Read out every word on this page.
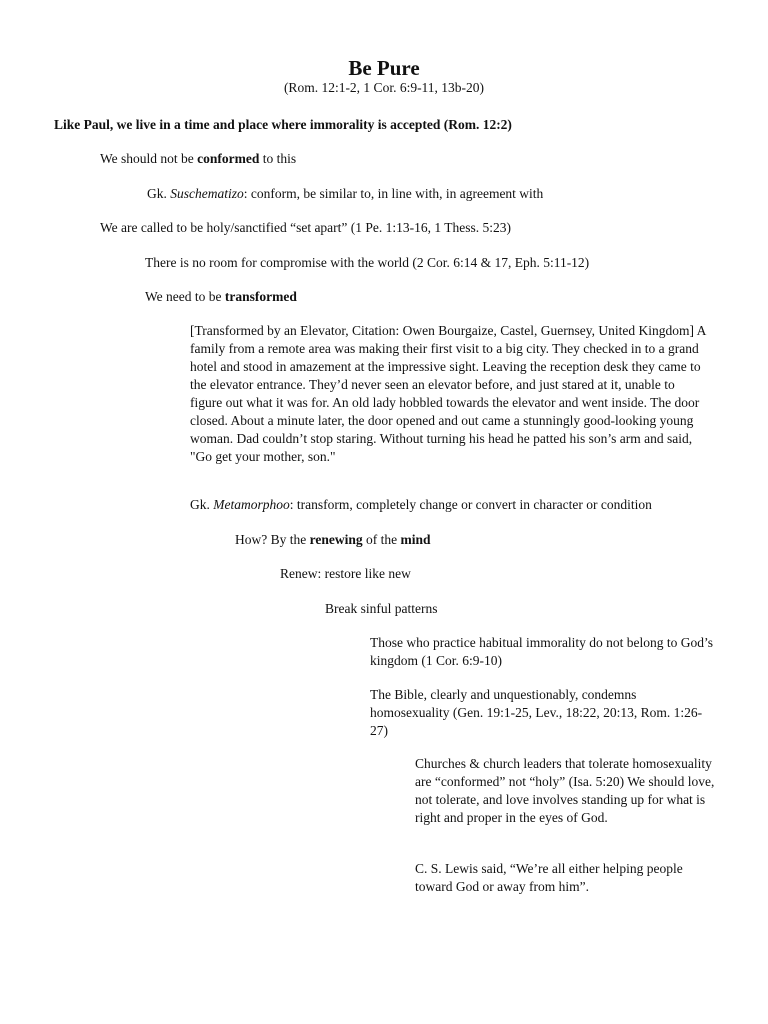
Be Pure
(Rom. 12:1-2, 1 Cor. 6:9-11, 13b-20)
Like Paul, we live in a time and place where immorality is accepted (Rom. 12:2)
We should not be conformed to this
Gk. Suschematizo: conform, be similar to, in line with, in agreement with
We are called to be holy/sanctified “set apart” (1 Pe. 1:13-16, 1 Thess. 5:23)
There is no room for compromise with the world (2 Cor. 6:14 & 17, Eph. 5:11-12)
We need to be transformed
[Transformed by an Elevator, Citation: Owen Bourgaize, Castel, Guernsey, United Kingdom] A family from a remote area was making their first visit to a big city. They checked in to a grand hotel and stood in amazement at the impressive sight. Leaving the reception desk they came to the elevator entrance. They’d never seen an elevator before, and just stared at it, unable to figure out what it was for. An old lady hobbled towards the elevator and went inside. The door closed. About a minute later, the door opened and out came a stunningly good-looking young woman. Dad couldn’t stop staring. Without turning his head he patted his son’s arm and said, "Go get your mother, son."
Gk. Metamorphoo: transform, completely change or convert in character or condition
How? By the renewing of the mind
Renew: restore like new
Break sinful patterns
Those who practice habitual immorality do not belong to God’s kingdom (1 Cor. 6:9-10)
The Bible, clearly and unquestionably, condemns homosexuality (Gen. 19:1-25, Lev., 18:22, 20:13, Rom. 1:26-27)
Churches & church leaders that tolerate homosexuality are “conformed” not “holy” (Isa. 5:20) We should love, not tolerate, and love involves standing up for what is right and proper in the eyes of God.
C. S. Lewis said, “We’re all either helping people toward God or away from him”.
